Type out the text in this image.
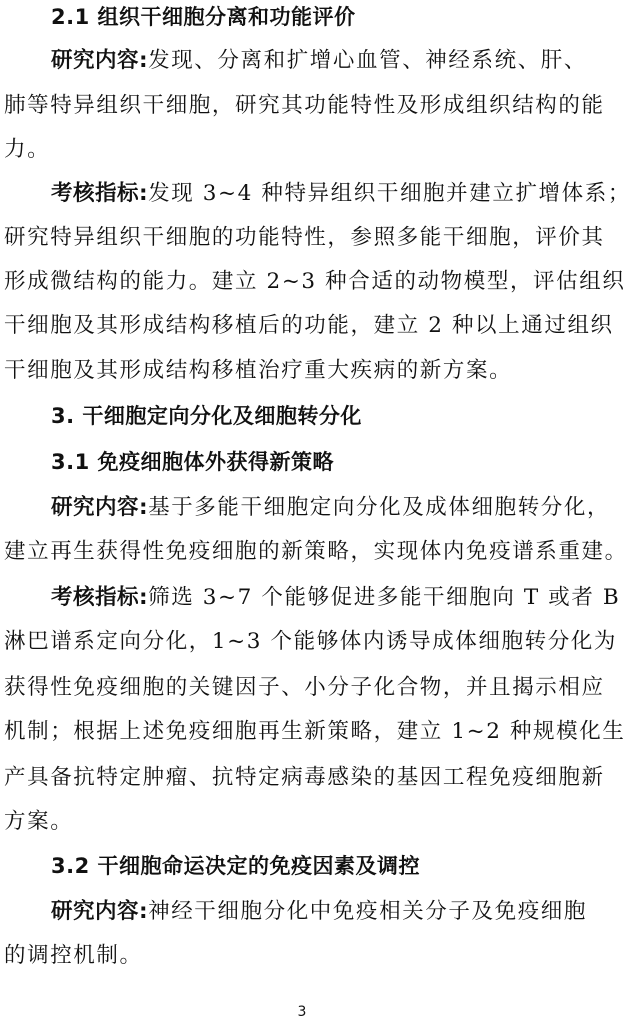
2.1 组织干细胞分离和功能评价
研究内容:发现、分离和扩增心血管、神经系统、肝、
肺等特异组织干细胞，研究其功能特性及形成组织结构的能
力。
考核指标:发现 3~4 种特异组织干细胞并建立扩增体系；
研究特异组织干细胞的功能特性，参照多能干细胞，评价其
形成微结构的能力。建立 2~3 种合适的动物模型，评估组织
干细胞及其形成结构移植后的功能，建立 2 种以上通过组织
干细胞及其形成结构移植治疗重大疾病的新方案。
3. 干细胞定向分化及细胞转分化
3.1 免疫细胞体外获得新策略
研究内容:基于多能干细胞定向分化及成体细胞转分化，
建立再生获得性免疫细胞的新策略，实现体内免疫谱系重建。
考核指标:筛选 3~7 个能够促进多能干细胞向 T 或者 B
淋巴谱系定向分化，1~3 个能够体内诱导成体细胞转分化为
获得性免疫细胞的关键因子、小分子化合物，并且揭示相应
机制；根据上述免疫细胞再生新策略，建立 1~2 种规模化生
产具备抗特定肿瘤、抗特定病毒感染的基因工程免疫细胞新
方案。
3.2 干细胞命运决定的免疫因素及调控
研究内容:神经干细胞分化中免疫相关分子及免疫细胞
的调控机制。
3
